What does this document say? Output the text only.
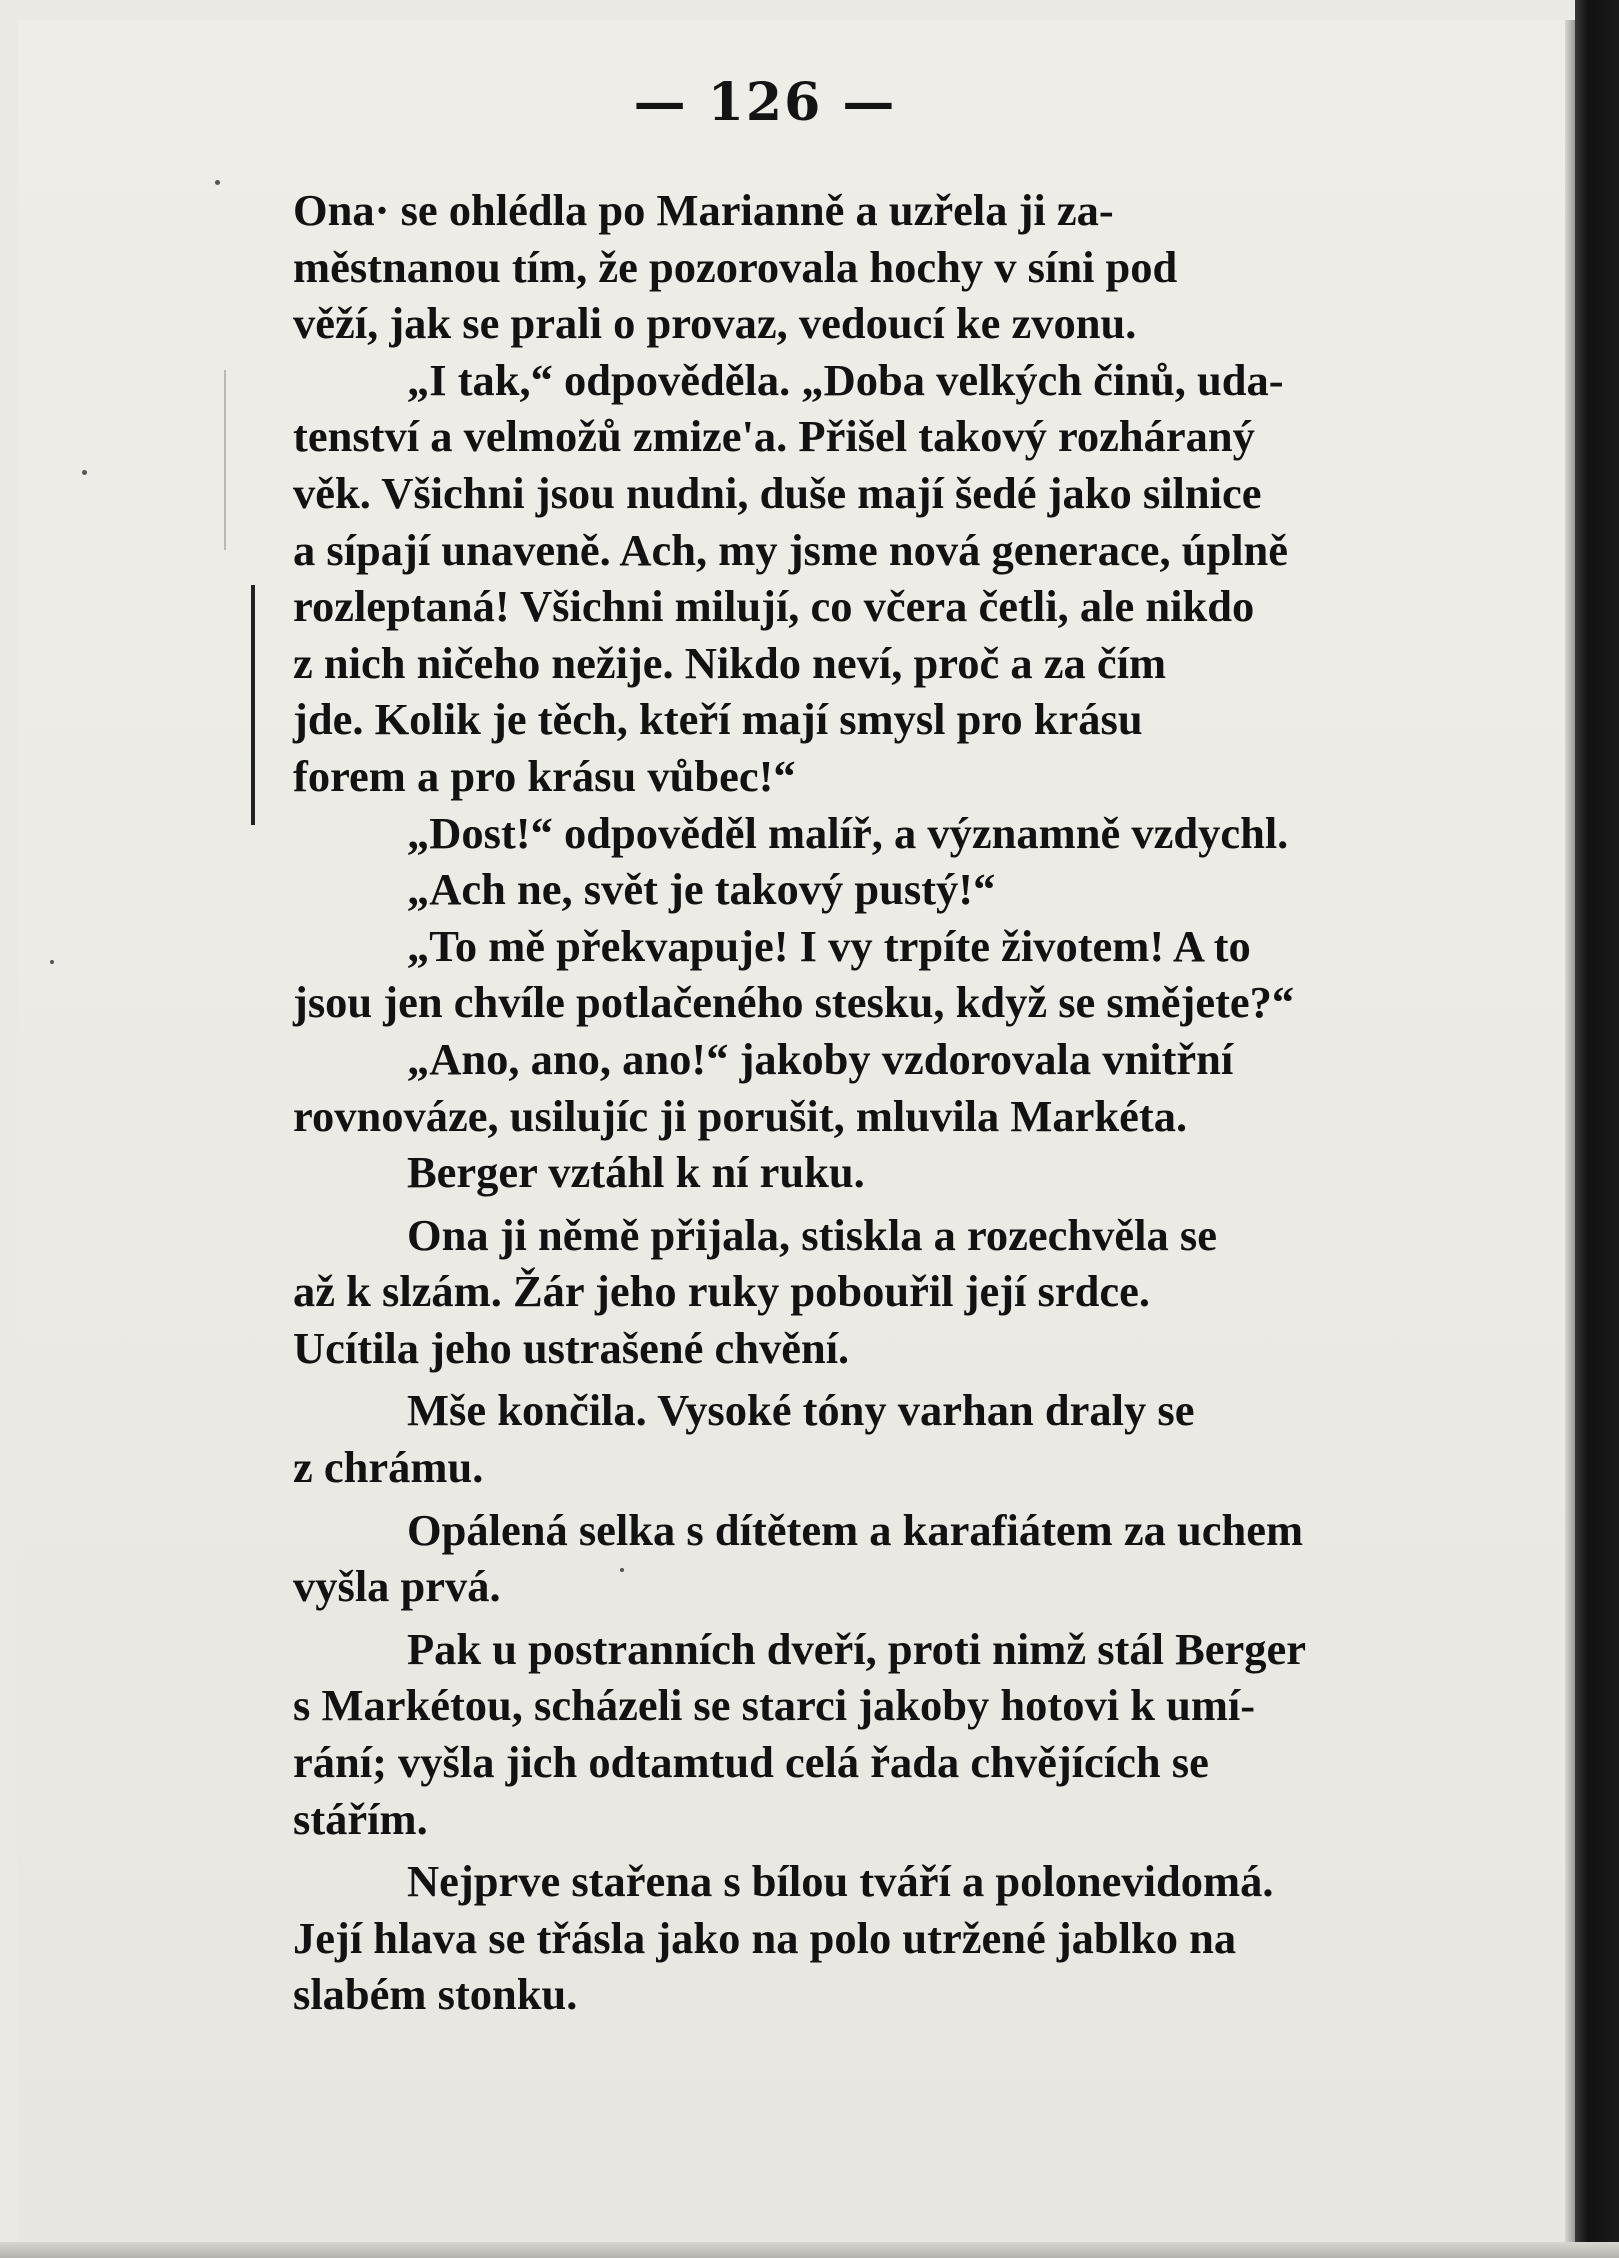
— 126 —

Ona· se ohlédla po Marianně a uzřela ji za-
městnanou tím, že pozorovala hochy v síni pod
věží, jak se prali o provaz, vedoucí ke zvonu.

„I tak,“ odpověděla. „Doba velkých činů, uda-
tenství a velmožů zmize'a. Přišel takový rozháraný
věk. Všichni jsou nudni, duše mají šedé jako silnice
a sípají unaveně. Ach, my jsme nová generace, úplně
rozleptaná! Všichni milují, co včera četli, ale nikdo
z nich ničeho nežije. Nikdo neví, proč a za čím
jde. Kolik je těch, kteří mají smysl pro krásu
forem a pro krásu vůbec!“

„Dost!“ odpověděl malíř, a významně vzdychl.

„Ach ne, svět je takový pustý!“

„To mě překvapuje! I vy trpíte životem! A to
jsou jen chvíle potlačeného stesku, když se smějete?“

„Ano, ano, ano!“ jakoby vzdorovala vnitřní
rovnováze, usilujíc ji porušit, mluvila Markéta.

Berger vztáhl k ní ruku.

Ona ji němě přijala, stiskla a rozechvěla se
až k slzám. Žár jeho ruky pobouřil její srdce.
Ucítila jeho ustrašené chvění.

Mše končila. Vysoké tóny varhan draly se
z chrámu.

Opálená selka s dítětem a karafiátem za uchem
vyšla prvá.

Pak u postranních dveří, proti nimž stál Berger
s Markétou, scházeli se starci jakoby hotovi k umí-
rání; vyšla jich odtamtud celá řada chvějících se
stářím.

Nejprve stařena s bílou tváří a polonevidomá.
Její hlava se třásla jako na polo utržené jablko na
slabém stonku.
